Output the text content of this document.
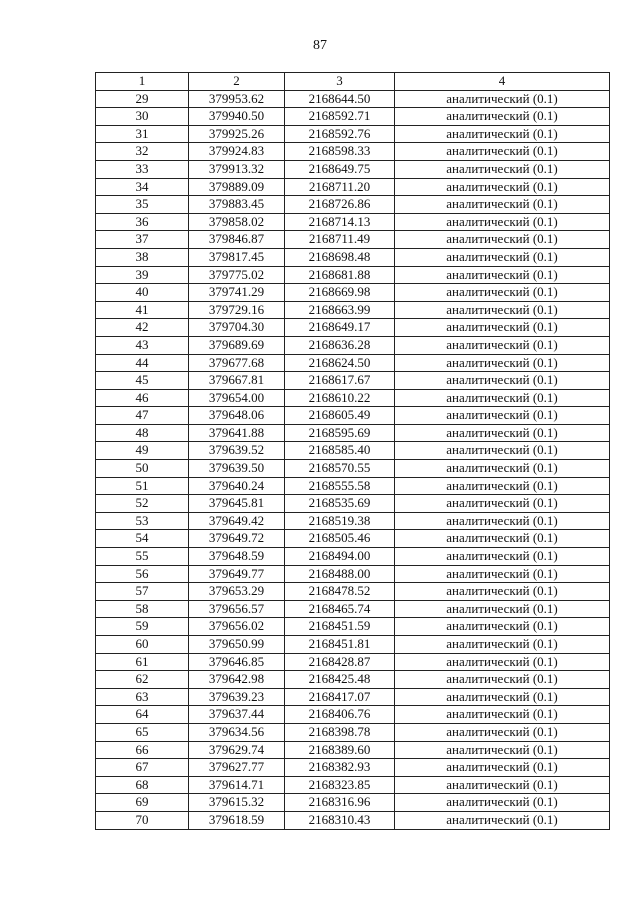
87
1	2	3	4
29	379953.62	2168644.50	аналитический (0.1)
30	379940.50	2168592.71	аналитический (0.1)
31	379925.26	2168592.76	аналитический (0.1)
32	379924.83	2168598.33	аналитический (0.1)
33	379913.32	2168649.75	аналитический (0.1)
34	379889.09	2168711.20	аналитический (0.1)
35	379883.45	2168726.86	аналитический (0.1)
36	379858.02	2168714.13	аналитический (0.1)
37	379846.87	2168711.49	аналитический (0.1)
38	379817.45	2168698.48	аналитический (0.1)
39	379775.02	2168681.88	аналитический (0.1)
40	379741.29	2168669.98	аналитический (0.1)
41	379729.16	2168663.99	аналитический (0.1)
42	379704.30	2168649.17	аналитический (0.1)
43	379689.69	2168636.28	аналитический (0.1)
44	379677.68	2168624.50	аналитический (0.1)
45	379667.81	2168617.67	аналитический (0.1)
46	379654.00	2168610.22	аналитический (0.1)
47	379648.06	2168605.49	аналитический (0.1)
48	379641.88	2168595.69	аналитический (0.1)
49	379639.52	2168585.40	аналитический (0.1)
50	379639.50	2168570.55	аналитический (0.1)
51	379640.24	2168555.58	аналитический (0.1)
52	379645.81	2168535.69	аналитический (0.1)
53	379649.42	2168519.38	аналитический (0.1)
54	379649.72	2168505.46	аналитический (0.1)
55	379648.59	2168494.00	аналитический (0.1)
56	379649.77	2168488.00	аналитический (0.1)
57	379653.29	2168478.52	аналитический (0.1)
58	379656.57	2168465.74	аналитический (0.1)
59	379656.02	2168451.59	аналитический (0.1)
60	379650.99	2168451.81	аналитический (0.1)
61	379646.85	2168428.87	аналитический (0.1)
62	379642.98	2168425.48	аналитический (0.1)
63	379639.23	2168417.07	аналитический (0.1)
64	379637.44	2168406.76	аналитический (0.1)
65	379634.56	2168398.78	аналитический (0.1)
66	379629.74	2168389.60	аналитический (0.1)
67	379627.77	2168382.93	аналитический (0.1)
68	379614.71	2168323.85	аналитический (0.1)
69	379615.32	2168316.96	аналитический (0.1)
70	379618.59	2168310.43	аналитический (0.1)
